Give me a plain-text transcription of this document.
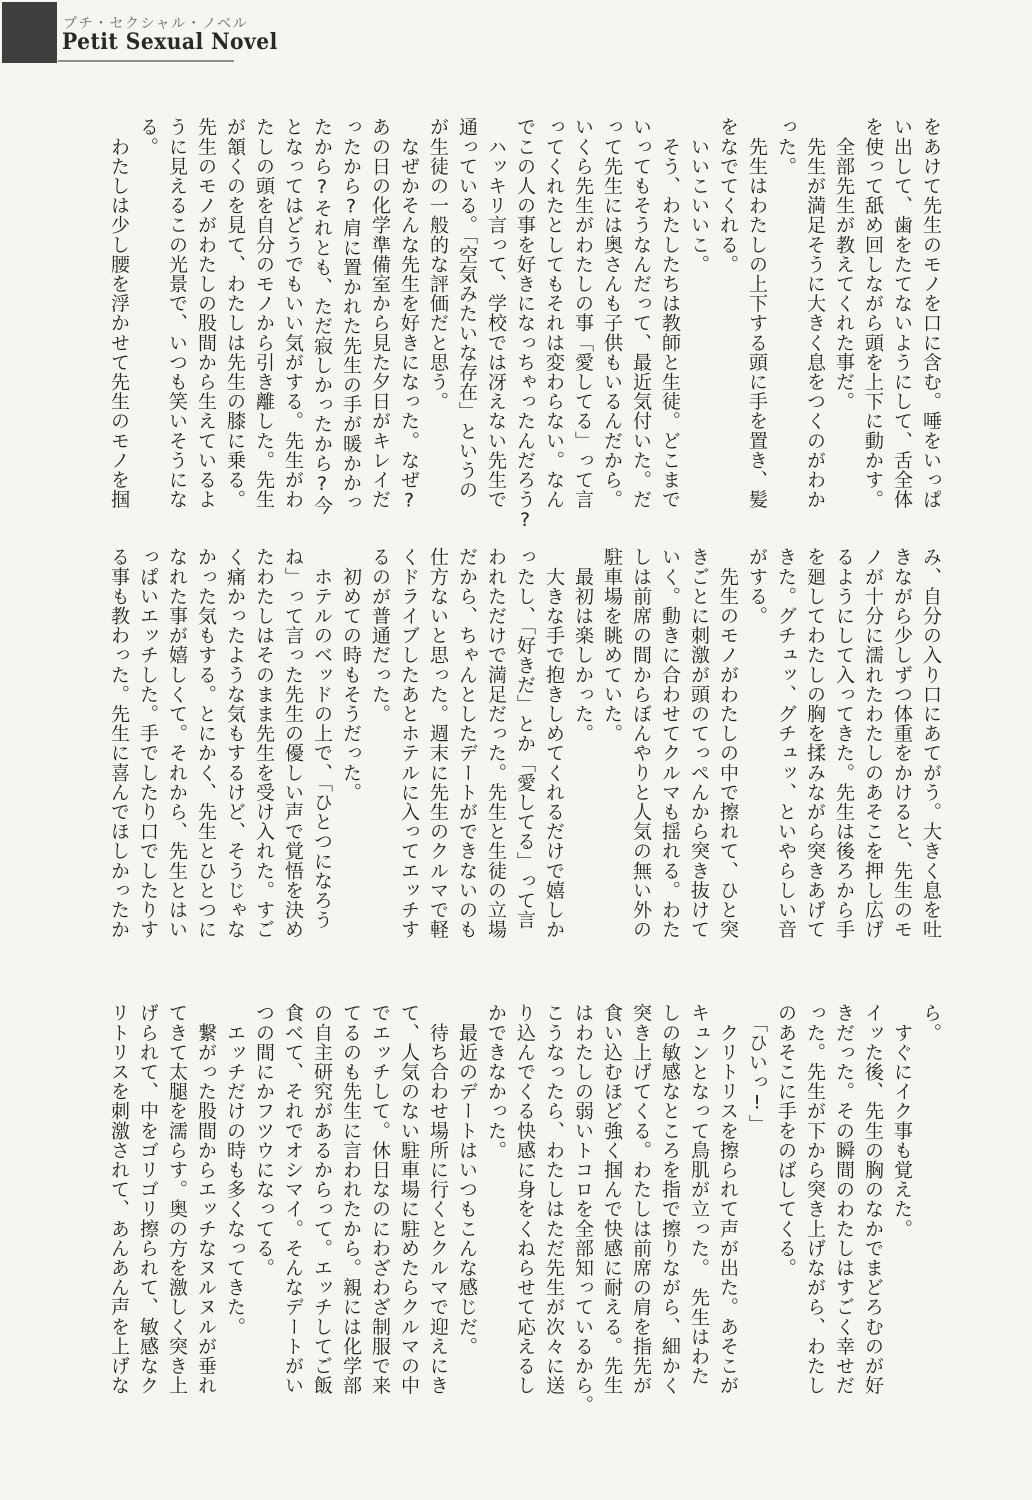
プチ・セクシャル・ノベル
Petit Sexual Novel

をあけて先生のモノを口に含む。唾をいっぱ

い出して、歯をたてないようにして、舌全体

を使って舐め回しながら頭を上下に動かす。

　全部先生が教えてくれた事だ。

　先生が満足そうに大きく息をつくのがわか

った。

　先生はわたしの上下する頭に手を置き、髪

をなでてくれる。

　いいこいいこ。

　そう、わたしたちは教師と生徒。どこまで

いってもそうなんだって、最近気付いた。だ

って先生には奥さんも子供もいるんだから。

いくら先生がわたしの事「愛してる」って言

ってくれたとしてもそれは変わらない。なん

でこの人の事を好きになっちゃったんだろう?

　ハッキリ言って、学校では冴えない先生で

通っている。「空気みたいな存在」というの

が生徒の一般的な評価だと思う。

　なぜかそんな先生を好きになった。なぜ?

あの日の化学準備室から見た夕日がキレイだ

ったから?肩に置かれた先生の手が暖かかっ

たから?それとも、ただ寂しかったから?今

となってはどうでもいい気がする。先生がわ

たしの頭を自分のモノから引き離した。先生

が頷くのを見て、わたしは先生の膝に乗る。

先生のモノがわたしの股間から生えているよ

うに見えるこの光景で、いつも笑いそうにな

る。

　わたしは少し腰を浮かせて先生のモノを掴

み、自分の入り口にあてがう。大きく息を吐

きながら少しずつ体重をかけると、先生のモ

ノが十分に濡れたわたしのあそこを押し広げ

るようにして入ってきた。先生は後ろから手

を廻してわたしの胸を揉みながら突きあげて

きた。グチュッ、グチュッ、といやらしい音

がする。

　先生のモノがわたしの中で擦れて、ひと突

きごとに刺激が頭のてっぺんから突き抜けて

いく。動きに合わせてクルマも揺れる。わた

しは前席の間からぼんやりと人気の無い外の

駐車場を眺めていた。

　最初は楽しかった。

　大きな手で抱きしめてくれるだけで嬉しか

ったし、「好きだ」とか「愛してる」って言

われただけで満足だった。先生と生徒の立場

だから、ちゃんとしたデートができないのも

仕方ないと思った。週末に先生のクルマで軽

くドライブしたあとホテルに入ってエッチす

るのが普通だった。

　初めての時もそうだった。

　ホテルのベッドの上で、「ひとつになろう

ね」って言った先生の優しい声で覚悟を決め

たわたしはそのまま先生を受け入れた。すご

く痛かったような気もするけど、そうじゃな

かった気もする。とにかく、先生とひとつに

なれた事が嬉しくて。それから、先生とはい

っぱいエッチした。手でしたり口でしたりす

る事も教わった。先生に喜んでほしかったか

ら。

　すぐにイク事も覚えた。

イッた後、先生の胸のなかでまどろむのが好

きだった。その瞬間のわたしはすごく幸せだ

った。先生が下から突き上げながら、わたし

のあそこに手をのばしてくる。

　「ひいっ!」

　クリトリスを擦られて声が出た。あそこが

キュンとなって鳥肌が立った。　先生はわた

しの敏感なところを指で擦りながら、細かく

突き上げてくる。わたしは前席の肩を指先が

食い込むほど強く掴んで快感に耐える。先生

はわたしの弱いトコロを全部知っているから。

こうなったら、わたしはただ先生が次々に送

り込んでくる快感に身をくねらせて応えるし

かできなかった。

　最近のデートはいつもこんな感じだ。

　待ち合わせ場所に行くとクルマで迎えにき

て、人気のない駐車場に駐めたらクルマの中

でエッチして。休日なのにわざわざ制服で来

てるのも先生に言われたから。親には化学部

の自主研究があるからって。エッチしてご飯

食べて、それでオシマイ。そんなデートがい

つの間にかフツウになってる。

　エッチだけの時も多くなってきた。

　繋がった股間からエッチなヌルヌルが垂れ

てきて太腿を濡らす。奥の方を激しく突き上

げられて、中をゴリゴリ擦られて、敏感なク

リトリスを刺激されて、あんあん声を上げな
